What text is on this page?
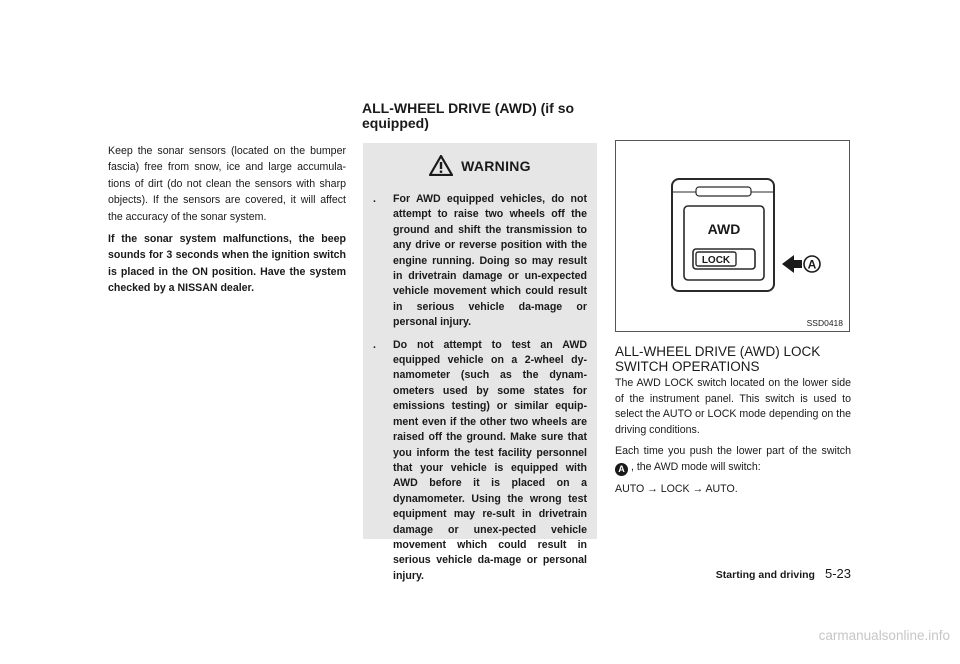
Keep the sonar sensors (located on the bumper fascia) free from snow, ice and large accumula-tions of dirt (do not clean the sensors with sharp objects). If the sensors are covered, it will affect the accuracy of the sonar system.

If the sonar system malfunctions, the beep sounds for 3 seconds when the ignition switch is placed in the ON position. Have the system checked by a NISSAN dealer.

ALL-WHEEL DRIVE (AWD) (if so equipped)
WARNING
. For AWD equipped vehicles, do not attempt to raise two wheels off the ground and shift the transmission to any drive or reverse position with the engine running. Doing so may result in drivetrain damage or un-expected vehicle movement which could result in serious vehicle da-mage or personal injury.
. Do not attempt to test an AWD equipped vehicle on a 2-wheel dy-namometer (such as the dynam-ometers used by some states for emissions testing) or similar equip-ment even if the other two wheels are raised off the ground. Make sure that you inform the test facility personnel that your vehicle is equipped with AWD before it is placed on a dynamometer. Using the wrong test equipment may re-sult in drivetrain damage or unex-pected vehicle movement which could result in serious vehicle da-mage or personal injury.
AWD
LOCK	A
SSD0418
ALL-WHEEL DRIVE (AWD) LOCK SWITCH OPERATIONS

The AWD LOCK switch located on the lower side of the instrument panel. This switch is used to select the AUTO or LOCK mode depending on the driving conditions.

Each time you push the lower part of the switch A , the AWD mode will switch:

AUTO → LOCK → AUTO.

Starting and driving 5-23
carmanualsonline.info
